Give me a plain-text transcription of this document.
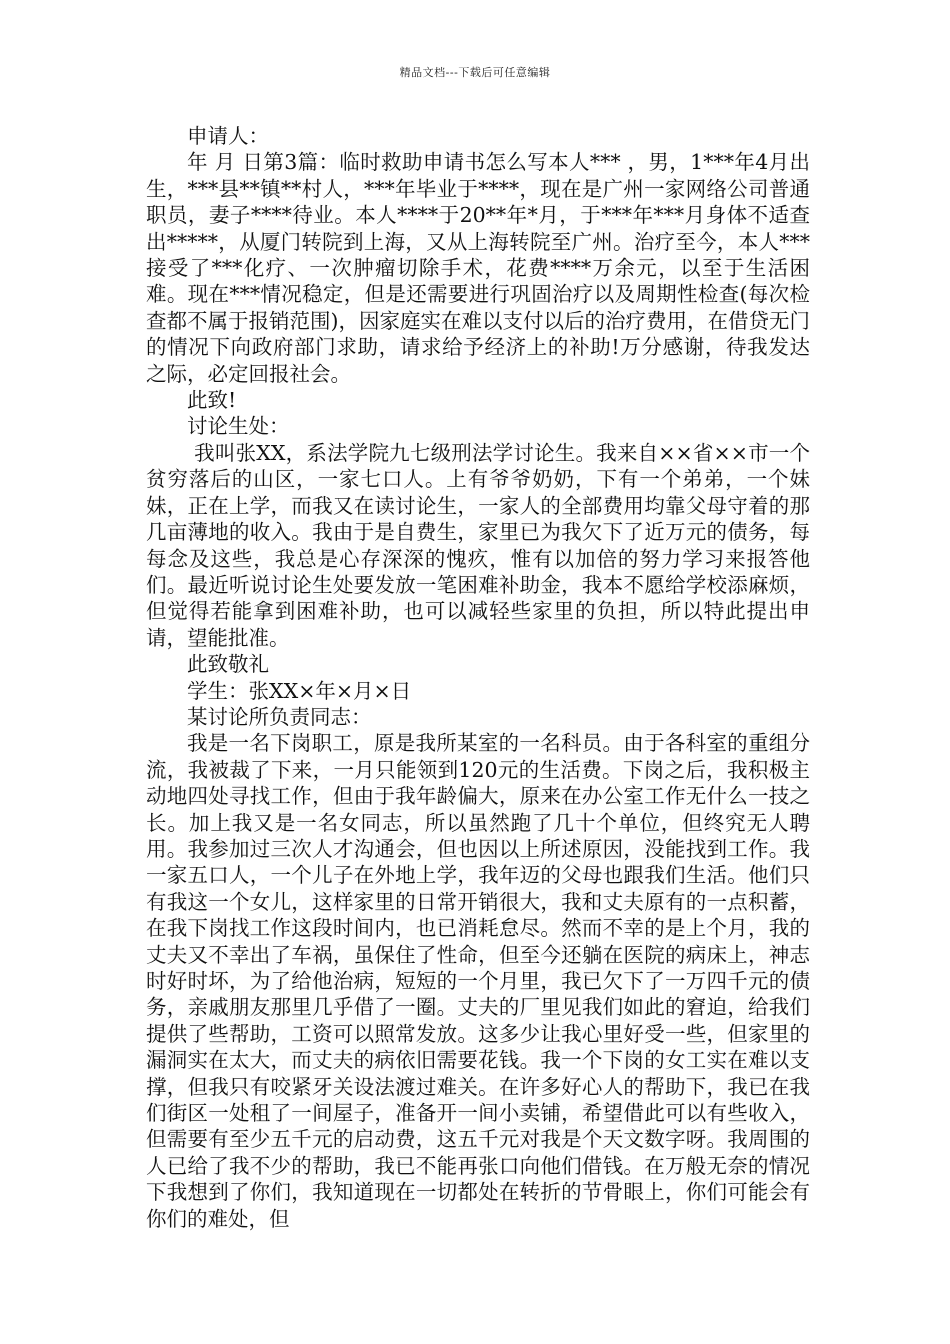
精品文档---下载后可任意编辑

申请人：

年 月 日第3篇：临时救助申请书怎么写本人*** ，男，1***年4月出生，***县**镇**村人，***年毕业于****，现在是广州一家网络公司普通职员，妻子****待业。本人****于20**年*月，于***年***月身体不适查出*****，从厦门转院到上海，又从上海转院至广州。治疗至今，本人***接受了***化疗、一次肿瘤切除手术，花费****万余元，以至于生活困难。现在***情况稳定，但是还需要进行巩固治疗以及周期性检查(每次检查都不属于报销范围)，因家庭实在难以支付以后的治疗费用，在借贷无门的情况下向政府部门求助，请求给予经济上的补助!万分感谢，待我发达之际，必定回报社会。

此致!

讨论生处：

我叫张XX，系法学院九七级刑法学讨论生。我来自××省××市一个贫穷落后的山区，一家七口人。上有爷爷奶奶，下有一个弟弟，一个妹妹，正在上学，而我又在读讨论生，一家人的全部费用均靠父母守着的那几亩薄地的收入。我由于是自费生，家里已为我欠下了近万元的债务，每每念及这些，我总是心存深深的愧疚，惟有以加倍的努力学习来报答他们。最近听说讨论生处要发放一笔困难补助金，我本不愿给学校添麻烦，但觉得若能拿到困难补助，也可以减轻些家里的负担，所以特此提出申请，望能批准。

此致敬礼

学生：张XX×年×月×日

某讨论所负责同志：

我是一名下岗职工，原是我所某室的一名科员。由于各科室的重组分流，我被裁了下来，一月只能领到120元的生活费。下岗之后，我积极主动地四处寻找工作，但由于我年龄偏大，原来在办公室工作无什么一技之长。加上我又是一名女同志，所以虽然跑了几十个单位，但终究无人聘用。我参加过三次人才沟通会，但也因以上所述原因，没能找到工作。我一家五口人，一个儿子在外地上学，我年迈的父母也跟我们生活。他们只有我这一个女儿，这样家里的日常开销很大，我和丈夫原有的一点积蓄，在我下岗找工作这段时间内，也已消耗怠尽。然而不幸的是上个月，我的丈夫又不幸出了车祸，虽保住了性命，但至今还躺在医院的病床上，神志时好时坏，为了给他治病，短短的一个月里，我已欠下了一万四千元的债务，亲戚朋友那里几乎借了一圈。丈夫的厂里见我们如此的窘迫，给我们提供了些帮助，工资可以照常发放。这多少让我心里好受一些，但家里的漏洞实在太大，而丈夫的病依旧需要花钱。我一个下岗的女工实在难以支撑，但我只有咬紧牙关设法渡过难关。在许多好心人的帮助下，我已在我们街区一处租了一间屋子，准备开一间小卖铺，希望借此可以有些收入，但需要有至少五千元的启动费，这五千元对我是个天文数字呀。我周围的人已给了我不少的帮助，我已不能再张口向他们借钱。在万般无奈的情况下我想到了你们，我知道现在一切都处在转折的节骨眼上，你们可能会有你们的难处，但
